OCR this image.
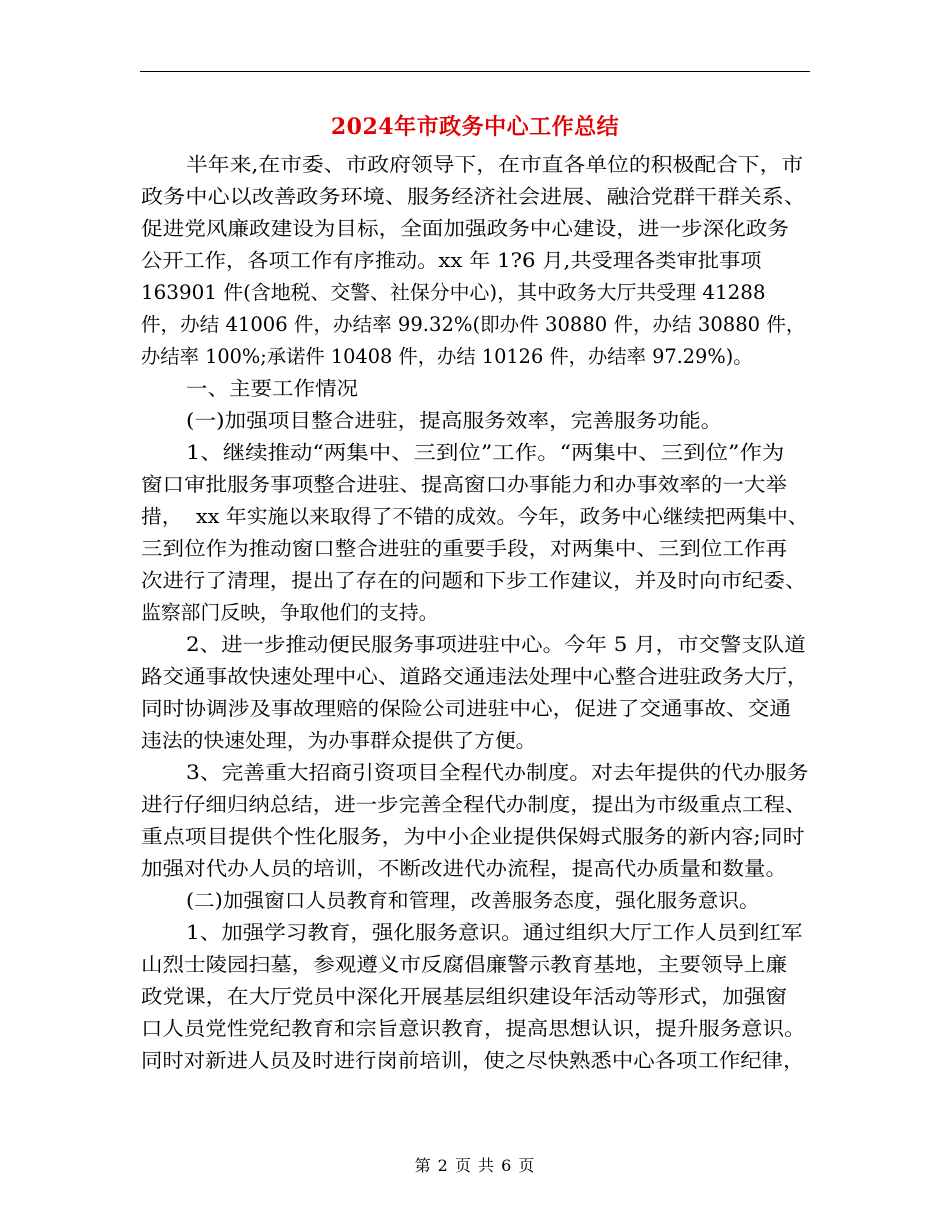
2024年市政务中心工作总结
半年来,在市委、市政府领导下，在市直各单位的积极配合下，市
政务中心以改善政务环境、服务经济社会进展、融洽党群干群关系、
促进党风廉政建设为目标，全面加强政务中心建设，进一步深化政务
公开工作，各项工作有序推动。xx 年 1?6 月,共受理各类审批事项
163901 件(含地税、交警、社保分中心)，其中政务大厅共受理 41288
件，办结 41006 件，办结率 99.32%(即办件 30880 件，办结 30880 件，
办结率 100%;承诺件 10408 件，办结 10126 件，办结率 97.29%)。
一、主要工作情况
(一)加强项目整合进驻，提高服务效率，完善服务功能。
1、继续推动“两集中、三到位”工作。“两集中、三到位”作为
窗口审批服务事项整合进驻、提高窗口办事能力和办事效率的一大举
措，  xx 年实施以来取得了不错的成效。今年，政务中心继续把两集中、
三到位作为推动窗口整合进驻的重要手段，对两集中、三到位工作再
次进行了清理，提出了存在的问题和下步工作建议，并及时向市纪委、
监察部门反映，争取他们的支持。
2、进一步推动便民服务事项进驻中心。今年 5 月，市交警支队道
路交通事故快速处理中心、道路交通违法处理中心整合进驻政务大厅，
同时协调涉及事故理赔的保险公司进驻中心，促进了交通事故、交通
违法的快速处理，为办事群众提供了方便。
3、完善重大招商引资项目全程代办制度。对去年提供的代办服务
进行仔细归纳总结，进一步完善全程代办制度，提出为市级重点工程、
重点项目提供个性化服务，为中小企业提供保姆式服务的新内容;同时
加强对代办人员的培训，不断改进代办流程，提高代办质量和数量。
(二)加强窗口人员教育和管理，改善服务态度，强化服务意识。
1、加强学习教育，强化服务意识。通过组织大厅工作人员到红军
山烈士陵园扫墓，参观遵义市反腐倡廉警示教育基地，主要领导上廉
政党课，在大厅党员中深化开展基层组织建设年活动等形式，加强窗
口人员党性党纪教育和宗旨意识教育，提高思想认识，提升服务意识。
同时对新进人员及时进行岗前培训，使之尽快熟悉中心各项工作纪律，
第 2 页 共 6 页
